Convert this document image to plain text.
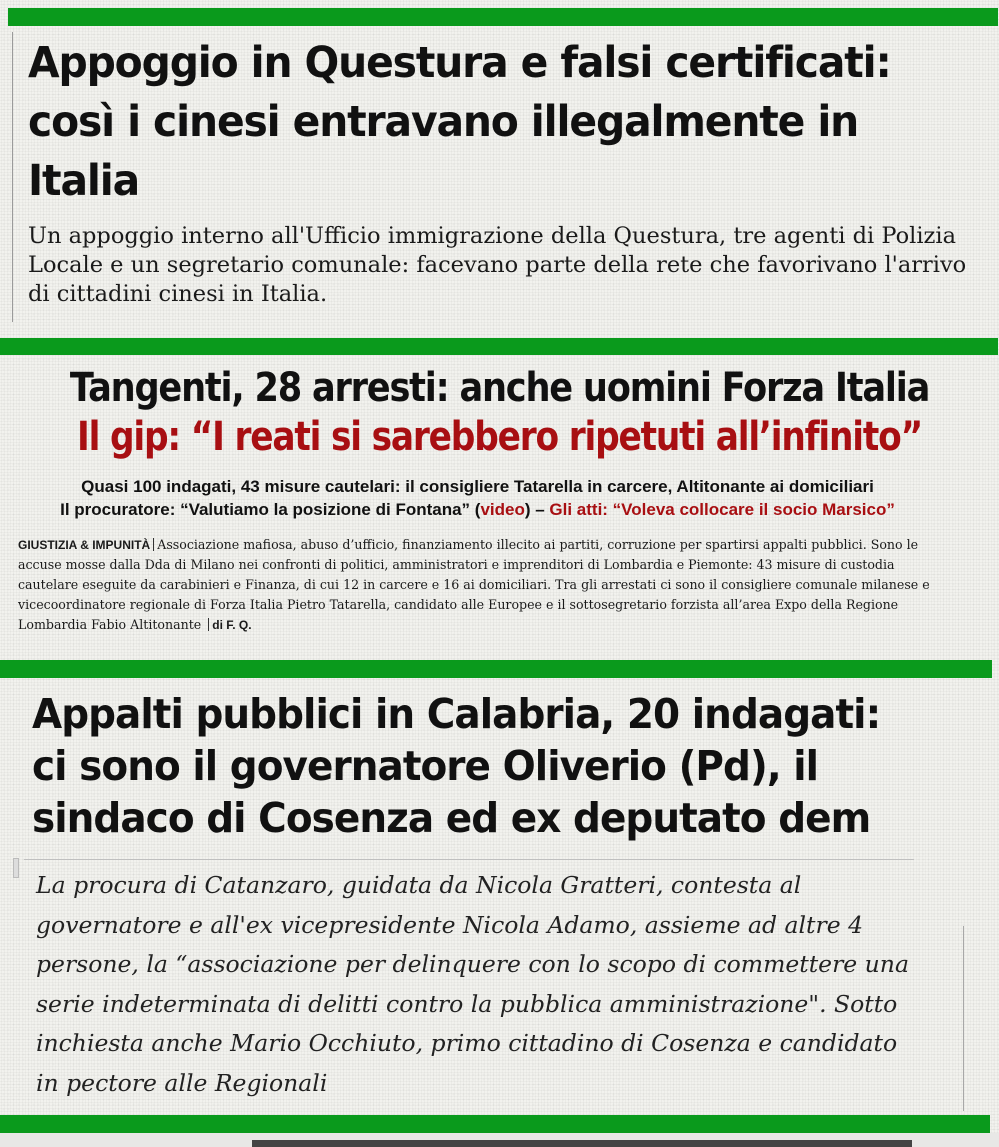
Appoggio in Questura e falsi certificati: così i cinesi entravano illegalmente in Italia

Un appoggio interno all'Ufficio immigrazione della Questura, tre agenti di Polizia Locale e un segretario comunale: facevano parte della rete che favorivano l'arrivo di cittadini cinesi in Italia.

Tangenti, 28 arresti: anche uomini Forza Italia
Il gip: “I reati si sarebbero ripetuti all’infinito”

Quasi 100 indagati, 43 misure cautelari: il consigliere Tatarella in carcere, Altitonante ai domiciliari

Il procuratore: “Valutiamo la posizione di Fontana” (video) – Gli atti: “Voleva collocare il socio Marsico”

GIUSTIZIA & IMPUNITÀ Associazione mafiosa, abuso d’ufficio, finanziamento illecito ai partiti, corruzione per spartirsi appalti pubblici. Sono le accuse mosse dalla Dda di Milano nei confronti di politici, amministratori e imprenditori di Lombardia e Piemonte: 43 misure di custodia cautelare eseguite da carabinieri e Finanza, di cui 12 in carcere e 16 ai domiciliari. Tra gli arrestati ci sono il consigliere comunale milanese e vicecoordinatore regionale di Forza Italia Pietro Tatarella, candidato alle Europee e il sottosegretario forzista all’area Expo della Regione Lombardia Fabio Altitonante di F. Q.

Appalti pubblici in Calabria, 20 indagati: ci sono il governatore Oliverio (Pd), il sindaco di Cosenza ed ex deputato dem

La procura di Catanzaro, guidata da Nicola Gratteri, contesta al governatore e all'ex vicepresidente Nicola Adamo, assieme ad altre 4 persone, la “associazione per delinquere con lo scopo di commettere una serie indeterminata di delitti contro la pubblica amministrazione". Sotto inchiesta anche Mario Occhiuto, primo cittadino di Cosenza e candidato in pectore alle Regionali
